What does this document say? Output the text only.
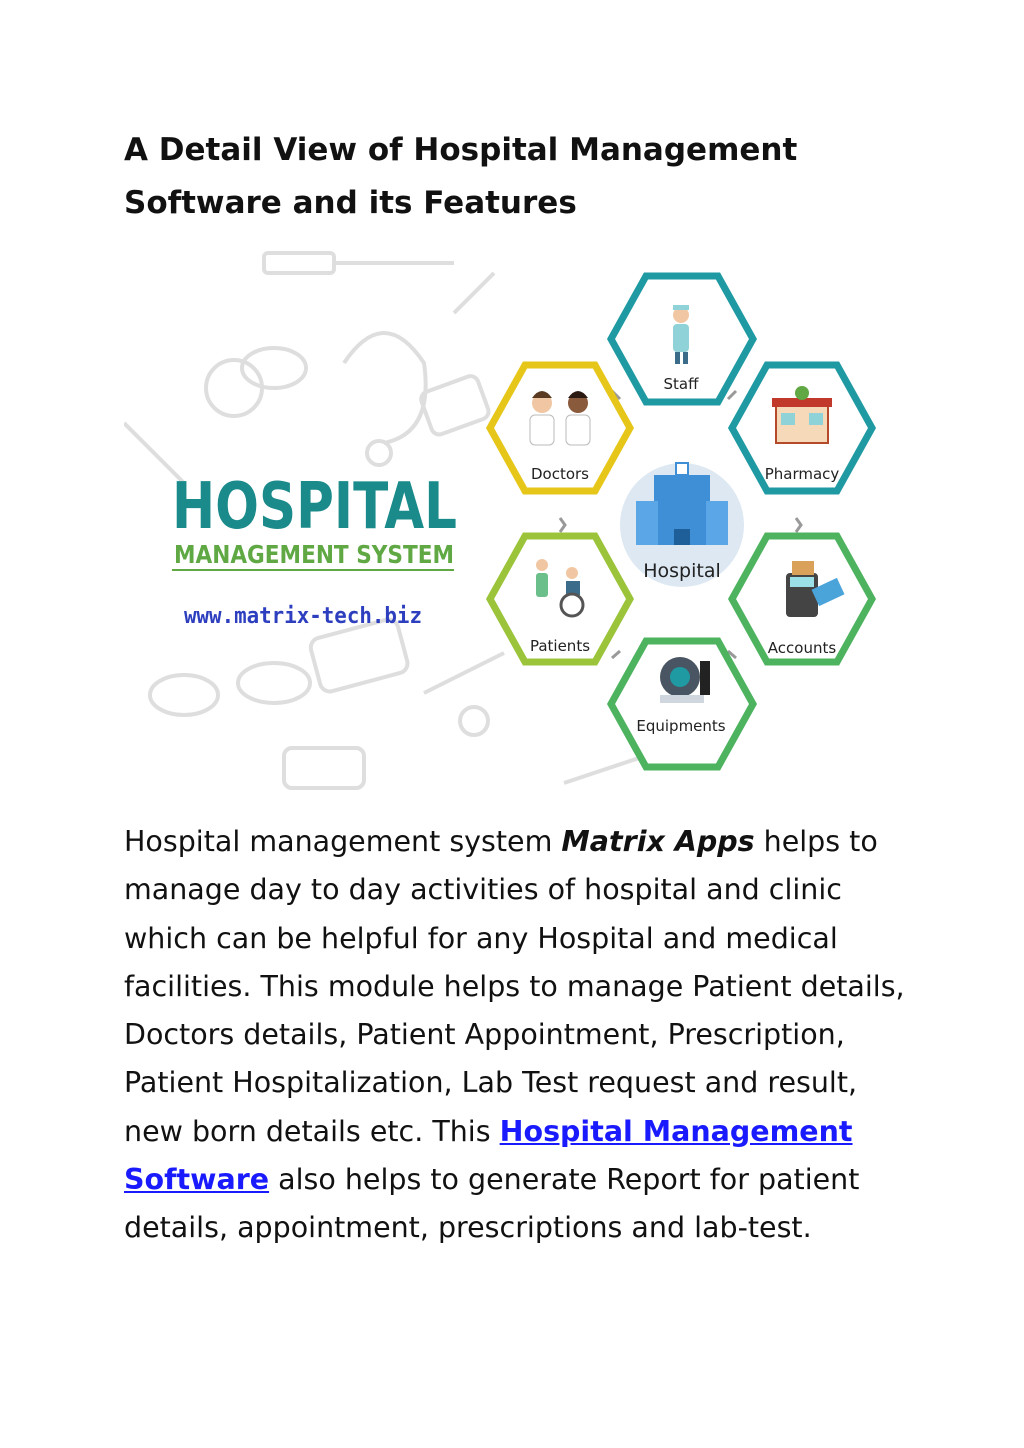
A Detail View of Hospital Management Software and its Features
HOSPITAL
MANAGEMENT SYSTEM
www.matrix-tech.biz
Staff
Doctors	Pharmacy
Hospital
Patients	Accounts
Equipments

Hospital management system Matrix Apps helps to manage day to day activities of hospital and clinic which can be helpful for any Hospital and medical facilities. This module helps to manage Patient details, Doctors details, Patient Appointment, Prescription, Patient Hospitalization, Lab Test request and result, new born details etc. This Hospital Management Software also helps to generate Report for patient details, appointment, prescriptions and lab-test.
